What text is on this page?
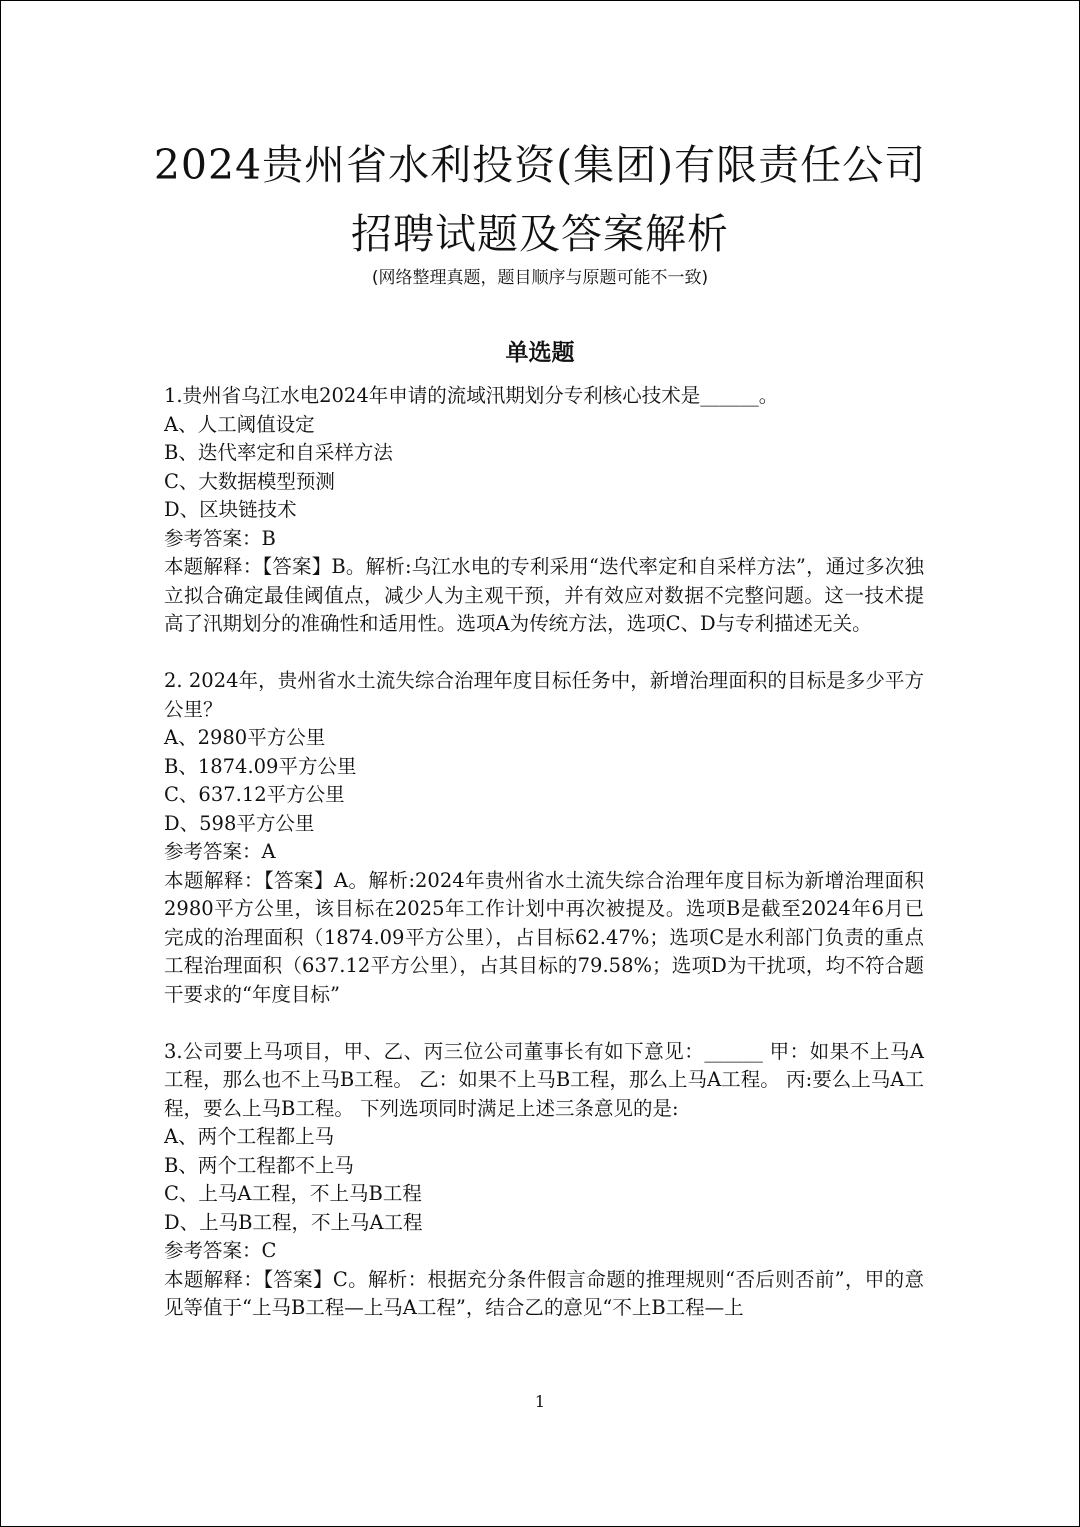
2024贵州省水利投资(集团)有限责任公司
招聘试题及答案解析
(网络整理真题，题目顺序与原题可能不一致)
单选题
1.贵州省乌江水电2024年申请的流域汛期划分专利核心技术是______。
A、人工阈值设定
B、迭代率定和自采样方法
C、大数据模型预测
D、区块链技术
参考答案：B
本题解释：【答案】B。解析:乌江水电的专利采用“迭代率定和自采样方法”，通过多次独立拟合确定最佳阈值点，减少人为主观干预，并有效应对数据不完整问题。这一技术提高了汛期划分的准确性和适用性。选项A为传统方法，选项C、D与专利描述无关。
2. 2024年，贵州省水土流失综合治理年度目标任务中，新增治理面积的目标是多少平方公里？
A、2980平方公里
B、1874.09平方公里
C、637.12平方公里
D、598平方公里
参考答案：A
本题解释：【答案】A。解析:2024年贵州省水土流失综合治理年度目标为新增治理面积2980平方公里，该目标在2025年工作计划中再次被提及。选项B是截至2024年6月已完成的治理面积（1874.09平方公里），占目标62.47%；选项C是水利部门负责的重点工程治理面积（637.12平方公里），占其目标的79.58%；选项D为干扰项，均不符合题干要求的“年度目标”
3.公司要上马项目，甲、乙、丙三位公司董事长有如下意见：______ 甲：如果不上马A工程，那么也不上马B工程。 乙：如果不上马B工程，那么上马A工程。 丙:要么上马A工程，要么上马B工程。 下列选项同时满足上述三条意见的是:
A、两个工程都上马
B、两个工程都不上马
C、上马A工程，不上马B工程
D、上马B工程，不上马A工程
参考答案：C
本题解释：【答案】C。解析：根据充分条件假言命题的推理规则“否后则否前”，甲的意见等值于“上马B工程—上马A工程”，结合乙的意见“不上B工程—上
1
